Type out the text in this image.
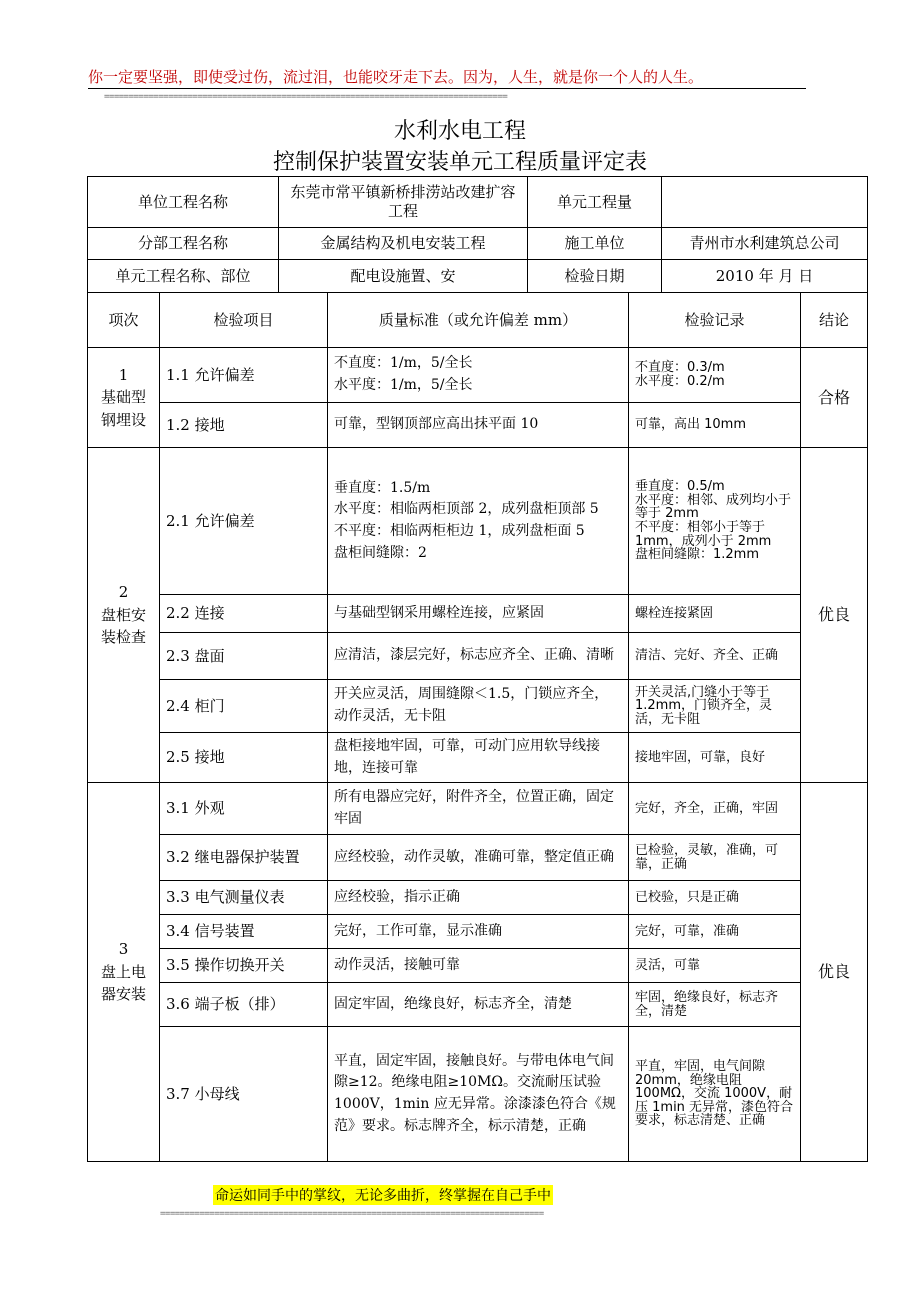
你一定要坚强，即使受过伤，流过泪，也能咬牙走下去。因为，人生，就是你一个人的人生。
==================================================================================
水利水电工程
控制保护装置安装单元工程质量评定表
单位工程名称	东莞市常平镇新桥排涝站改建扩容工程	单元工程量	
分部工程名称	金属结构及机电安装工程	施工单位	青州市水利建筑总公司
单元工程名称、部位	配电设施置、安	检验日期	2010 年 月 日
项次	检验项目	质量标准（或允许偏差 mm）	检验记录	结论
1
基础型
钢埋设	1.1 允许偏差	不直度：1/m，5/全长
水平度：1/m，5/全长	不直度：0.3/m
水平度：0.2/m	合格
	1.2 接地	可靠，型钢顶部应高出抹平面 10	可靠，高出 10mm	
2
盘柜安
装检查	2.1 允许偏差	垂直度：1.5/m
水平度：相临两柜顶部 2，成列盘柜顶部 5
不平度：相临两柜柜边 1，成列盘柜面 5
盘柜间缝隙：2	垂直度：0.5/m
水平度：相邻、成列均小于等于 2mm
不平度：相邻小于等于 1mm，成列小于 2mm
盘柜间缝隙：1.2mm	优良
	2.2 连接	与基础型钢采用螺栓连接，应紧固	螺栓连接紧固	
	2.3 盘面	应清洁，漆层完好，标志应齐全、正确、清晰	清洁、完好、齐全、正确	
	2.4 柜门	开关应灵活，周围缝隙＜1.5，门锁应齐全，动作灵活，无卡阻	开关灵活,门缝小于等于 1.2mm，门锁齐全，灵活，无卡阻	
	2.5 接地	盘柜接地牢固，可靠，可动门应用软导线接地，连接可靠	接地牢固，可靠，良好	
3
盘上电
器安装	3.1 外观	所有电器应完好，附件齐全，位置正确，固定牢固	完好，齐全，正确，牢固	优良
	3.2 继电器保护装置	应经校验，动作灵敏，准确可靠，整定值正确	已检验，灵敏，准确，可靠，正确	
	3.3 电气测量仪表	应经校验，指示正确	已校验，只是正确	
	3.4 信号装置	完好，工作可靠，显示准确	完好，可靠，准确	
	3.5 操作切换开关	动作灵活，接触可靠	灵活，可靠	
	3.6 端子板（排）	固定牢固，绝缘良好，标志齐全，清楚	牢固，绝缘良好，标志齐全，清楚	
	3.7 小母线	平直，固定牢固，接触良好。与带电体电气间隙≥12。绝缘电阻≥10MΩ。交流耐压试验 1000V，1min 应无异常。涂漆漆色符合《规范》要求。标志牌齐全，标示清楚，正确	平直，牢固，电气间隙 20mm，绝缘电阻 100MΩ，交流 1000V，耐压 1min 无异常，漆色符合要求，标志清楚、正确	
命运如同手中的掌纹，无论多曲折，终掌握在自己手中
==============================================================================
